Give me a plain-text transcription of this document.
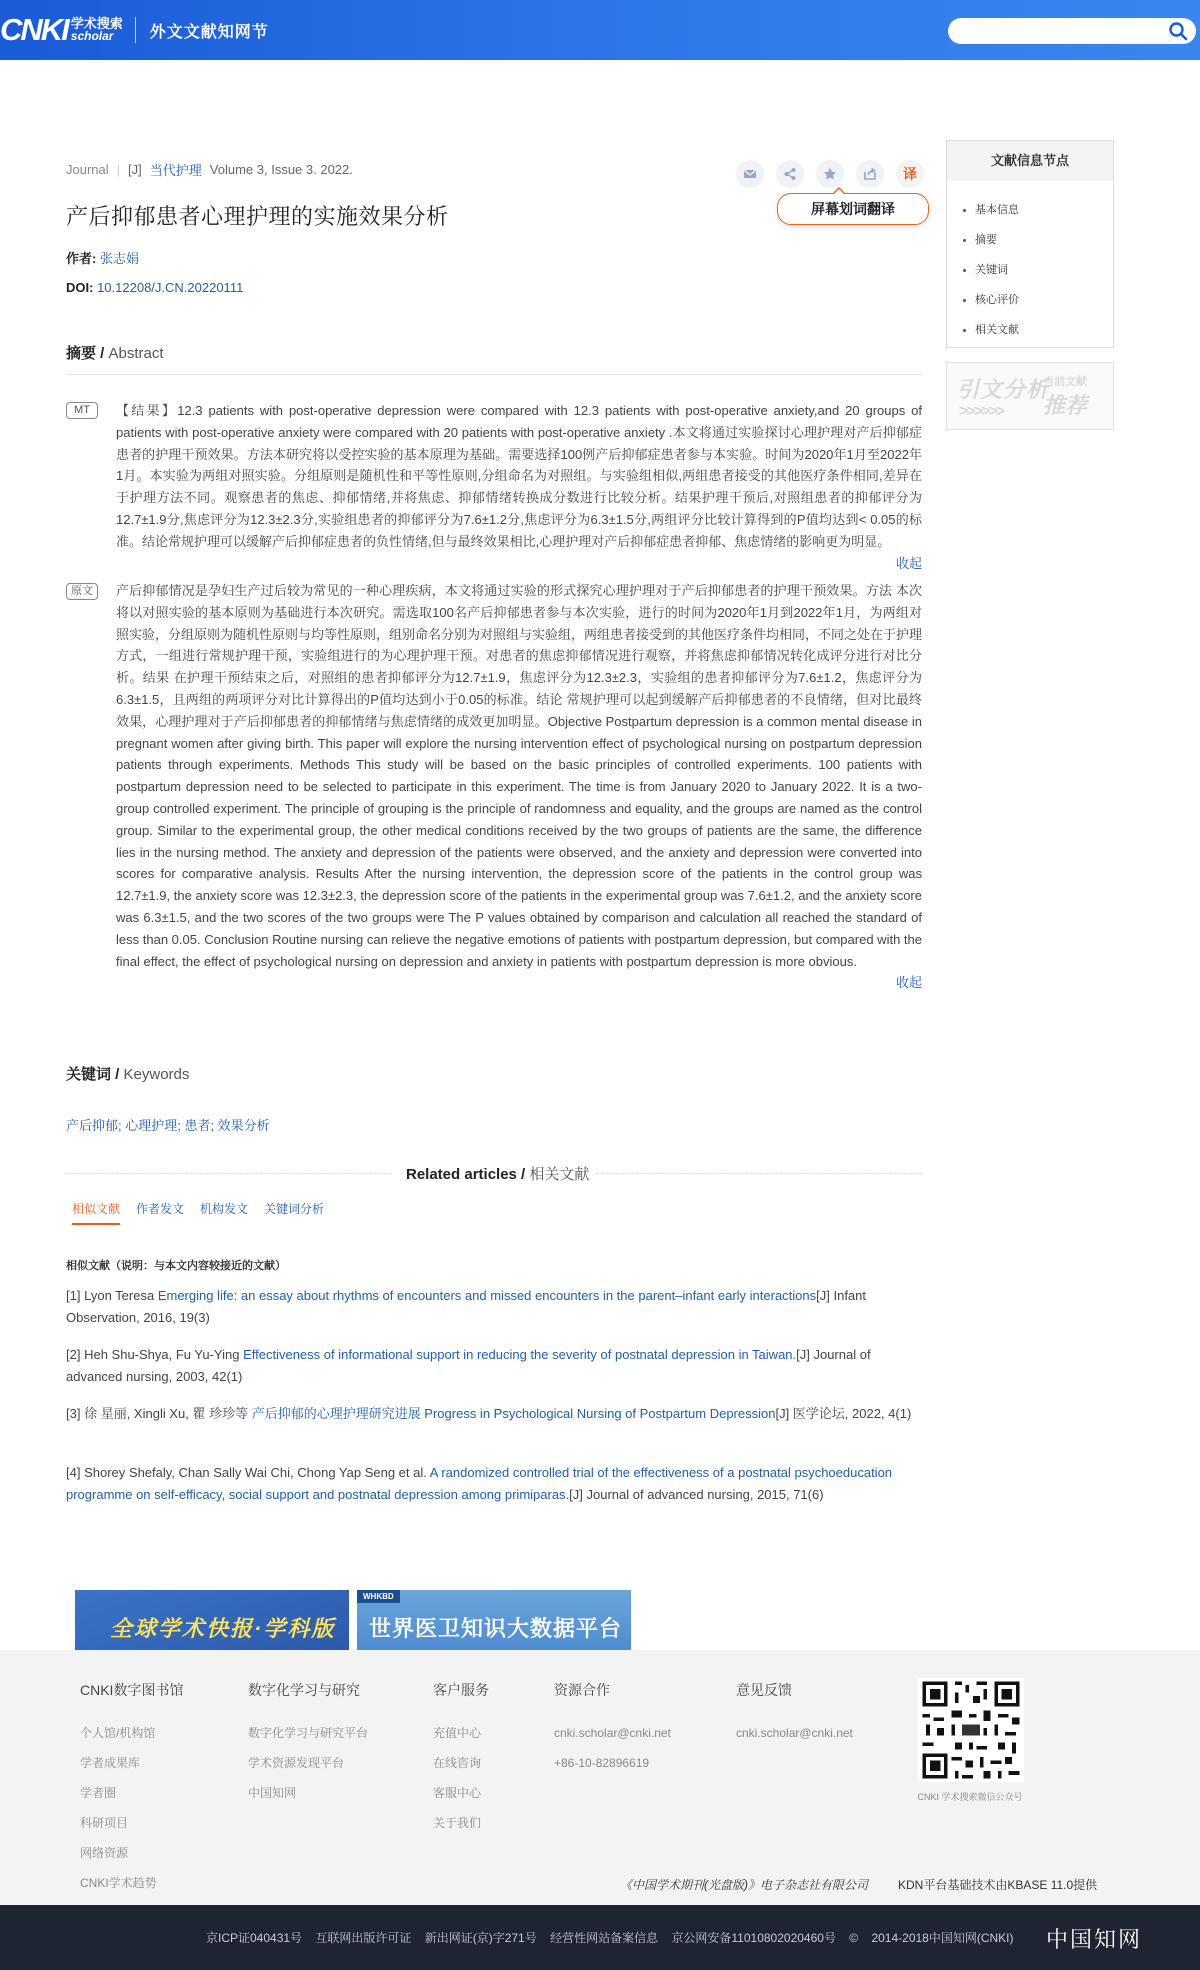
CNKI 学术搜索
scholar	外文文献知网节
Journal | [J] 当代护理 Volume 3, Issue 3. 2022.	译
产后抑郁患者心理护理的实施效果分析
作者: 张志娟
DOI: 10.12208/J.CN.20220111
摘要 / Abstract
MT	【结果】12.3 patients with post-operative depression were compared with 12.3 patients with post-operative anxiety,and 20 groups of patients with post-operative anxiety were compared with 20 patients with post-operative anxiety .本文将通过实验探讨心理护理对产后抑郁症患者的护理干预效果。方法本研究将以受控实验的基本原理为基础。需要选择100例产后抑郁症患者参与本实验。时间为2020年1月至2022年1月。本实验为两组对照实验。分组原则是随机性和平等性原则,分组命名为对照组。与实验组相似,两组患者接受的其他医疗条件相同,差异在于护理方法不同。观察患者的焦虑、抑郁情绪,并将焦虑、抑郁情绪转换成分数进行比较分析。结果护理干预后,对照组患者的抑郁评分为12.7±1.9分,焦虑评分为12.3±2.3分,实验组患者的抑郁评分为7.6±1.2分,焦虑评分为6.3±1.5分,两组评分比较计算得到的P值均达到< 0.05的标准。结论常规护理可以缓解产后抑郁症患者的负性情绪,但与最终效果相比,心理护理对产后抑郁症患者抑郁、焦虑情绪的影响更为明显。

收起
原文	产后抑郁情况是孕妇生产过后较为常见的一种心理疾病，本文将通过实验的形式探究心理护理对于产后抑郁患者的护理干预效果。方法 本次将以对照实验的基本原则为基础进行本次研究。需选取100名产后抑郁患者参与本次实验，进行的时间为2020年1月到2022年1月，为两组对照实验，分组原则为随机性原则与均等性原则，组别命名分别为对照组与实验组，两组患者接受到的其他医疗条件均相同，不同之处在于护理方式，一组进行常规护理干预，实验组进行的为心理护理干预。对患者的焦虑抑郁情况进行观察，并将焦虑抑郁情况转化成评分进行对比分析。结果 在护理干预结束之后，对照组的患者抑郁评分为12.7±1.9，焦虑评分为12.3±2.3，实验组的患者抑郁评分为7.6±1.2，焦虑评分为6.3±1.5，且两组的两项评分对比计算得出的P值均达到小于0.05的标准。结论 常规护理可以起到缓解产后抑郁患者的不良情绪，但对比最终效果，心理护理对于产后抑郁患者的抑郁情绪与焦虑情绪的成效更加明显。Objective Postpartum depression is a common mental disease in pregnant women after giving birth. This paper will explore the nursing intervention effect of psychological nursing on postpartum depression patients through experiments. Methods This study will be based on the basic principles of controlled experiments. 100 patients with postpartum depression need to be selected to participate in this experiment. The time is from January 2020 to January 2022. It is a two-group controlled experiment. The principle of grouping is the principle of randomness and equality, and the groups are named as the control group. Similar to the experimental group, the other medical conditions received by the two groups of patients are the same, the difference lies in the nursing method. The anxiety and depression of the patients were observed, and the anxiety and depression were converted into scores for comparative analysis. Results After the nursing intervention, the depression score of the patients in the control group was 12.7±1.9, the anxiety score was 12.3±2.3, the depression score of the patients in the experimental group was 7.6±1.2, and the anxiety score was 6.3±1.5, and the two scores of the two groups were The P values obtained by comparison and calculation all reached the standard of less than 0.05. Conclusion Routine nursing can relieve the negative emotions of patients with postpartum depression, but compared with the final effect, the effect of psychological nursing on depression and anxiety in patients with postpartum depression is more obvious.

收起
关键词 / Keywords
产后抑郁; 心理护理; 患者; 效果分析
Related articles / 相关文献
相似文献 作者发文 机构发文 关键词分析
相似文献（说明：与本文内容较接近的文献）
[1] Lyon Teresa Emerging life: an essay about rhythms of encounters and missed encounters in the parent–infant early interactions[J] Infant Observation, 2016, 19(3)
[2] Heh Shu-Shya, Fu Yu-Ying Effectiveness of informational support in reducing the severity of postnatal depression in Taiwan.[J] Journal of advanced nursing, 2003, 42(1)
[3] 徐 星丽, Xingli Xu, 瞿 珍珍等 产后抑郁的心理护理研究进展 Progress in Psychological Nursing of Postpartum Depression[J] 医学论坛, 2022, 4(1)
[4] Shorey Shefaly, Chan Sally Wai Chi, Chong Yap Seng et al. A randomized controlled trial of the effectiveness of a postnatal psychoeducation programme on self-efficacy, social support and postnatal depression among primiparas.[J] Journal of advanced nursing, 2015, 71(6)
屏幕划词翻译
文献信息节点
基本信息
摘要
关键词
核心评价
相关文献
引文分析
当前文献
推荐
>>>>>>
全球学术快报·学科版
WHKBD
世界医卫知识大数据平台

CNKI数字图书馆
个人馆/机构馆
学者成果库
学者圈
科研项目
网络资源
CNKI学术趋势
数字化学习与研究
数字化学习与研究平台
学术资源发现平台
中国知网
客户服务
充值中心
在线咨询
客服中心
关于我们
资源合作
cnki.scholar@cnki.net
+86-10-82896619
意见反馈
cnki.scholar@cnki.net
CNKI 学术搜索微信公众号
《中国学术期刊(光盘版)》电子杂志社有限公司	KDN平台基础技术由KBASE 11.0提供
京ICP证040431号 互联网出版许可证 新出网证(京)字271号 经营性网站备案信息 京公网安备11010802020460号 © 2014-2018中国知网(CNKI) 中国知网
